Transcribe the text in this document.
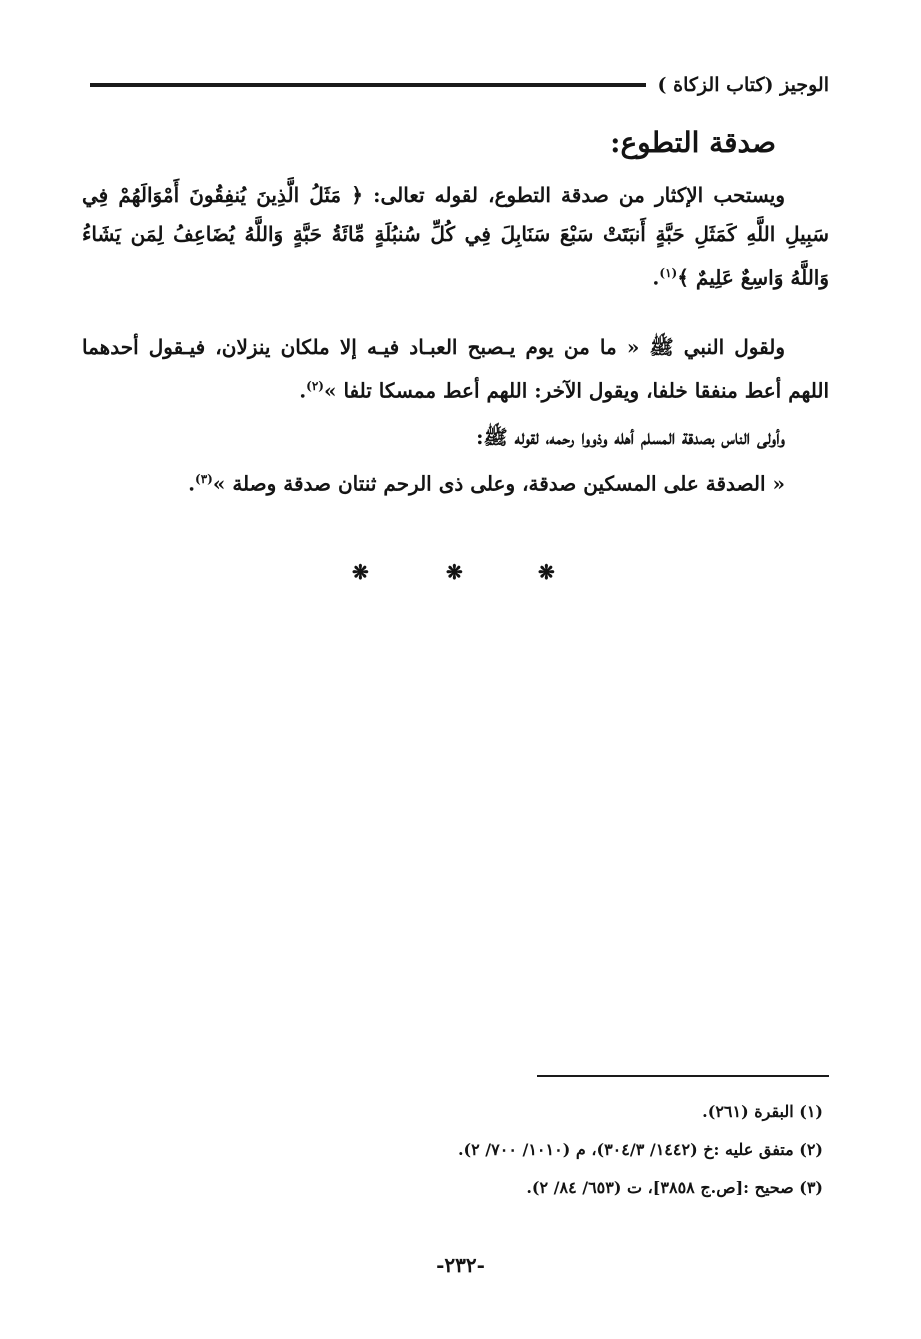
الوجيز (كتاب الزكاة )
صدقة التطوع:
ويستحب الإكثار من صدقة التطوع، لقوله تعالى: ﴿ مَثَلُ الَّذِينَ يُنفِقُونَ أَمْوَالَهُمْ فِي سَبِيلِ اللَّهِ كَمَثَلِ حَبَّةٍ أَنبَتَتْ سَبْعَ سَنَابِلَ فِي كُلِّ سُنبُلَةٍ مِّائَةُ حَبَّةٍ وَاللَّهُ يُضَاعِفُ لِمَن يَشَاءُ وَاللَّهُ وَاسِعٌ عَلِيمٌ ﴾$^{(١)}$.
ولقول النبي ﷺ « ما من يوم يـصبح العبـاد فيـه إلا ملكان ينزلان، فيـقول أحدهما اللهم أعط منفقا خلفا، ويقول الآخر: اللهم أعط ممسكا تلفا »$^{(٢)}$.
وأولى الناس بصدقة المسلم أهله وذووا رحمه، لقوله ﷺ:
« الصدقة على المسكين صدقة، وعلى ذى الرحم ثنتان صدقة وصلة »$^{(٣)}$.
❋	❋	❋
(١) البقرة (٢٦١).
(٢) متفق عليه :خ (١٤٤٢/ ٣٠٤/٣)، م (١٠١٠/ ٧٠٠/ ٢).
(٣) صحيح :[ص.ج ٣٨٥٨]، ت (٦٥٣/ ٨٤/ ٢).
-٢٣٢-
